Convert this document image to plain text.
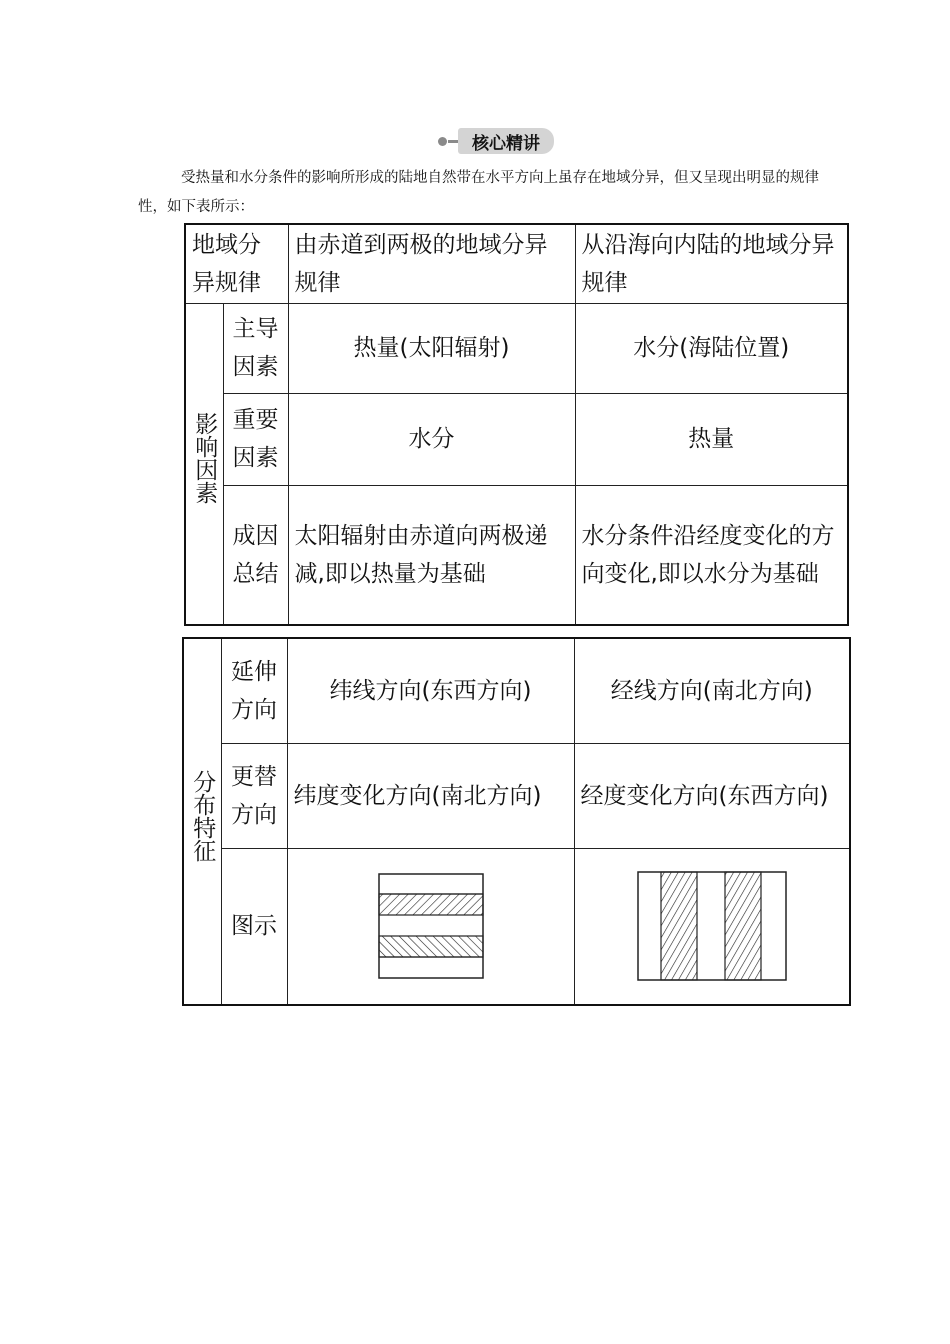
核心精讲

受热量和水分条件的影响所形成的陆地自然带在水平方向上虽存在地域分异，但又呈现出明显的规律性，如下表所示：

地域分异规律		由赤道到两极的地域分异规律	从沿海向内陆的地域分异规律
影响因素	主导因素	热量(太阳辐射)	水分(海陆位置)
	重要因素	水分	热量
	成因总结	太阳辐射由赤道向两极递减,即以热量为基础	水分条件沿经度变化的方向变化,即以水分为基础
分布特征	延伸方向	纬线方向(东西方向)	经线方向(南北方向)
	更替方向	纬度变化方向(南北方向)	经度变化方向(东西方向)
	图示	
